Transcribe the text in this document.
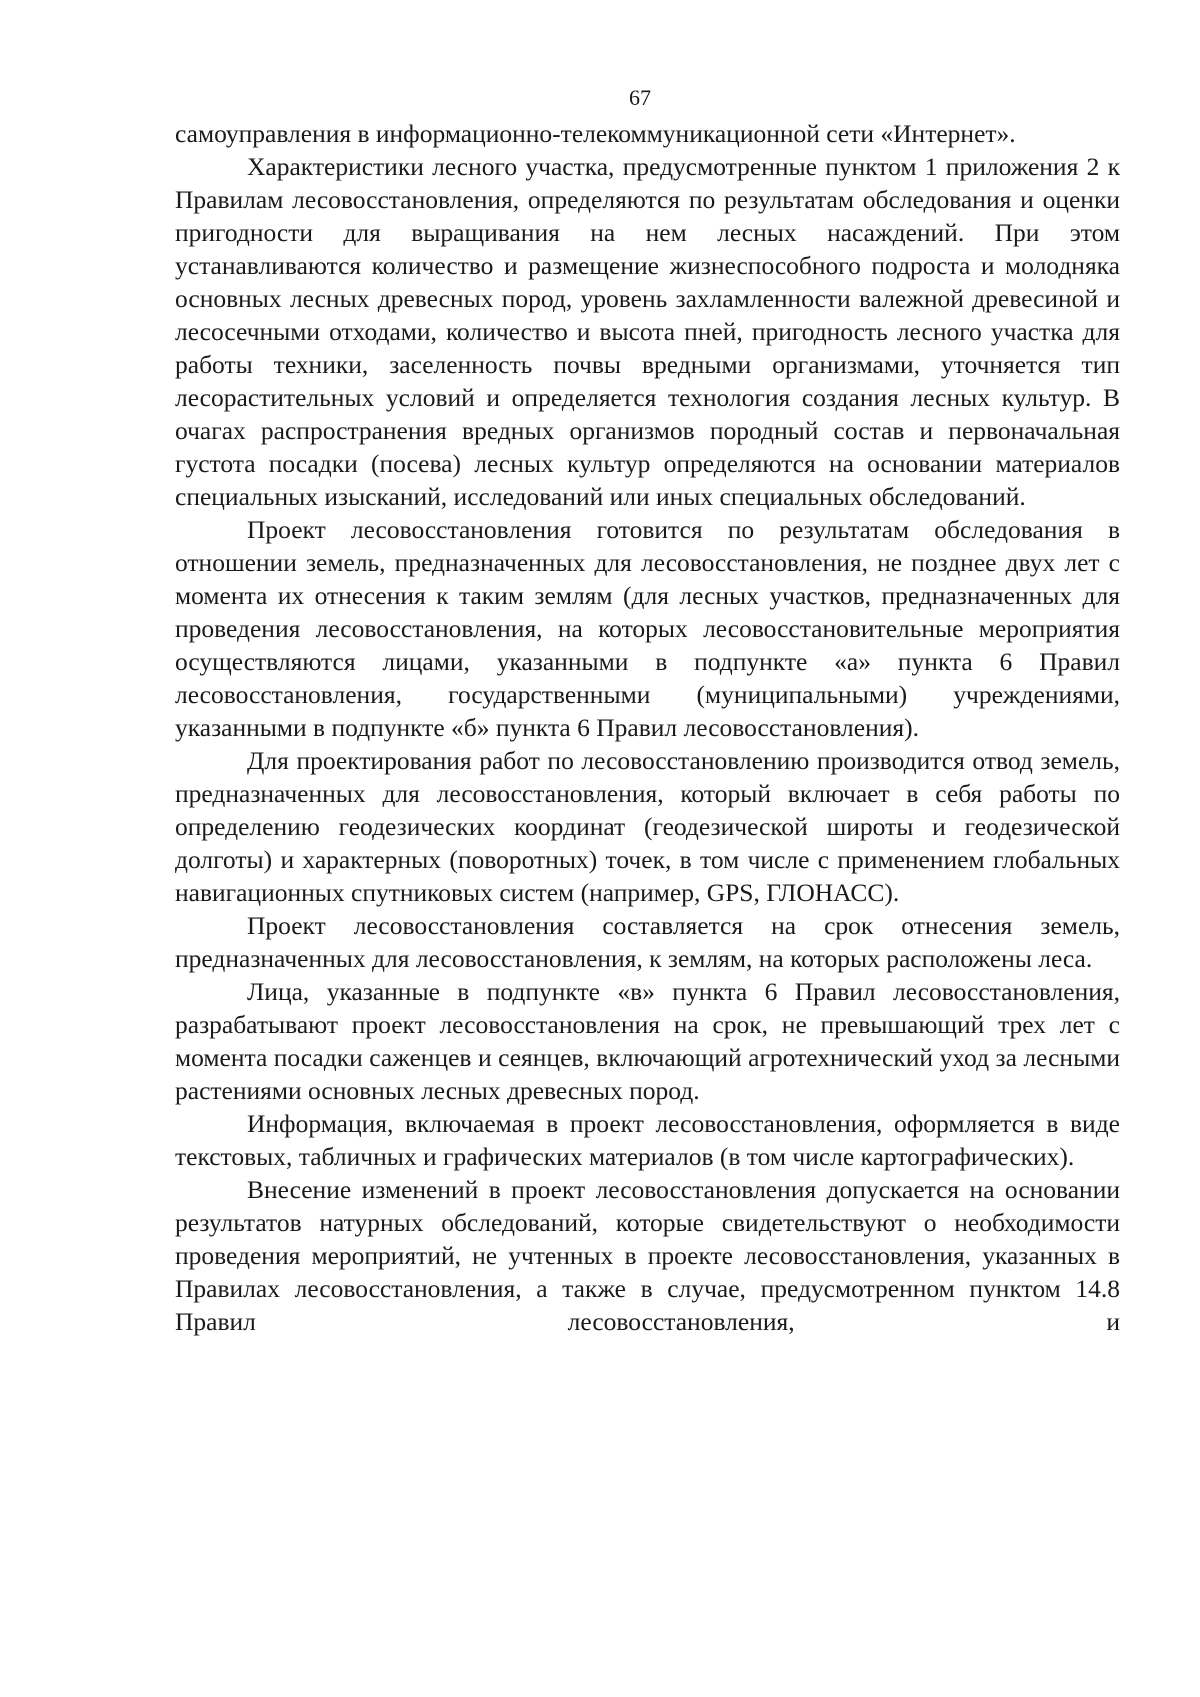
67

самоуправления в информационно-телекоммуникационной сети «Интернет».

Характеристики лесного участка, предусмотренные пунктом 1 приложения 2 к Правилам лесовосстановления, определяются по результатам обследования и оценки пригодности для выращивания на нем лесных насаждений. При этом устанавливаются количество и размещение жизнеспособного подроста и молодняка основных лесных древесных пород, уровень захламленности валежной древесиной и лесосечными отходами, количество и высота пней, пригодность лесного участка для работы техники, заселенность почвы вредными организмами, уточняется тип лесорастительных условий и определяется технология создания лесных культур. В очагах распространения вредных организмов породный состав и первоначальная густота посадки (посева) лесных культур определяются на основании материалов специальных изысканий, исследований или иных специальных обследований.

Проект лесовосстановления готовится по результатам обследования в отношении земель, предназначенных для лесовосстановления, не позднее двух лет с момента их отнесения к таким землям (для лесных участков, предназначенных для проведения лесовосстановления, на которых лесовосстановительные мероприятия осуществляются лицами, указанными в подпункте «а» пункта 6 Правил лесовосстановления, государственными (муниципальными) учреждениями, указанными в подпункте «б» пункта 6 Правил лесовосстановления).

Для проектирования работ по лесовосстановлению производится отвод земель, предназначенных для лесовосстановления, который включает в себя работы по определению геодезических координат (геодезической широты и геодезической долготы) и характерных (поворотных) точек, в том числе с применением глобальных навигационных спутниковых систем (например, GPS, ГЛОНАСС).

Проект лесовосстановления составляется на срок отнесения земель, предназначенных для лесовосстановления, к землям, на которых расположены леса.

Лица, указанные в подпункте «в» пункта 6 Правил лесовосстановления, разрабатывают проект лесовосстановления на срок, не превышающий трех лет с момента посадки саженцев и сеянцев, включающий агротехнический уход за лесными растениями основных лесных древесных пород.

Информация, включаемая в проект лесовосстановления, оформляется в виде текстовых, табличных и графических материалов (в том числе картографических).

Внесение изменений в проект лесовосстановления допускается на основании результатов натурных обследований, которые свидетельствуют о необходимости проведения мероприятий, не учтенных в проекте лесовосстановления, указанных в Правилах лесовосстановления, а также в случае, предусмотренном пунктом 14.8 Правил лесовосстановления, и
